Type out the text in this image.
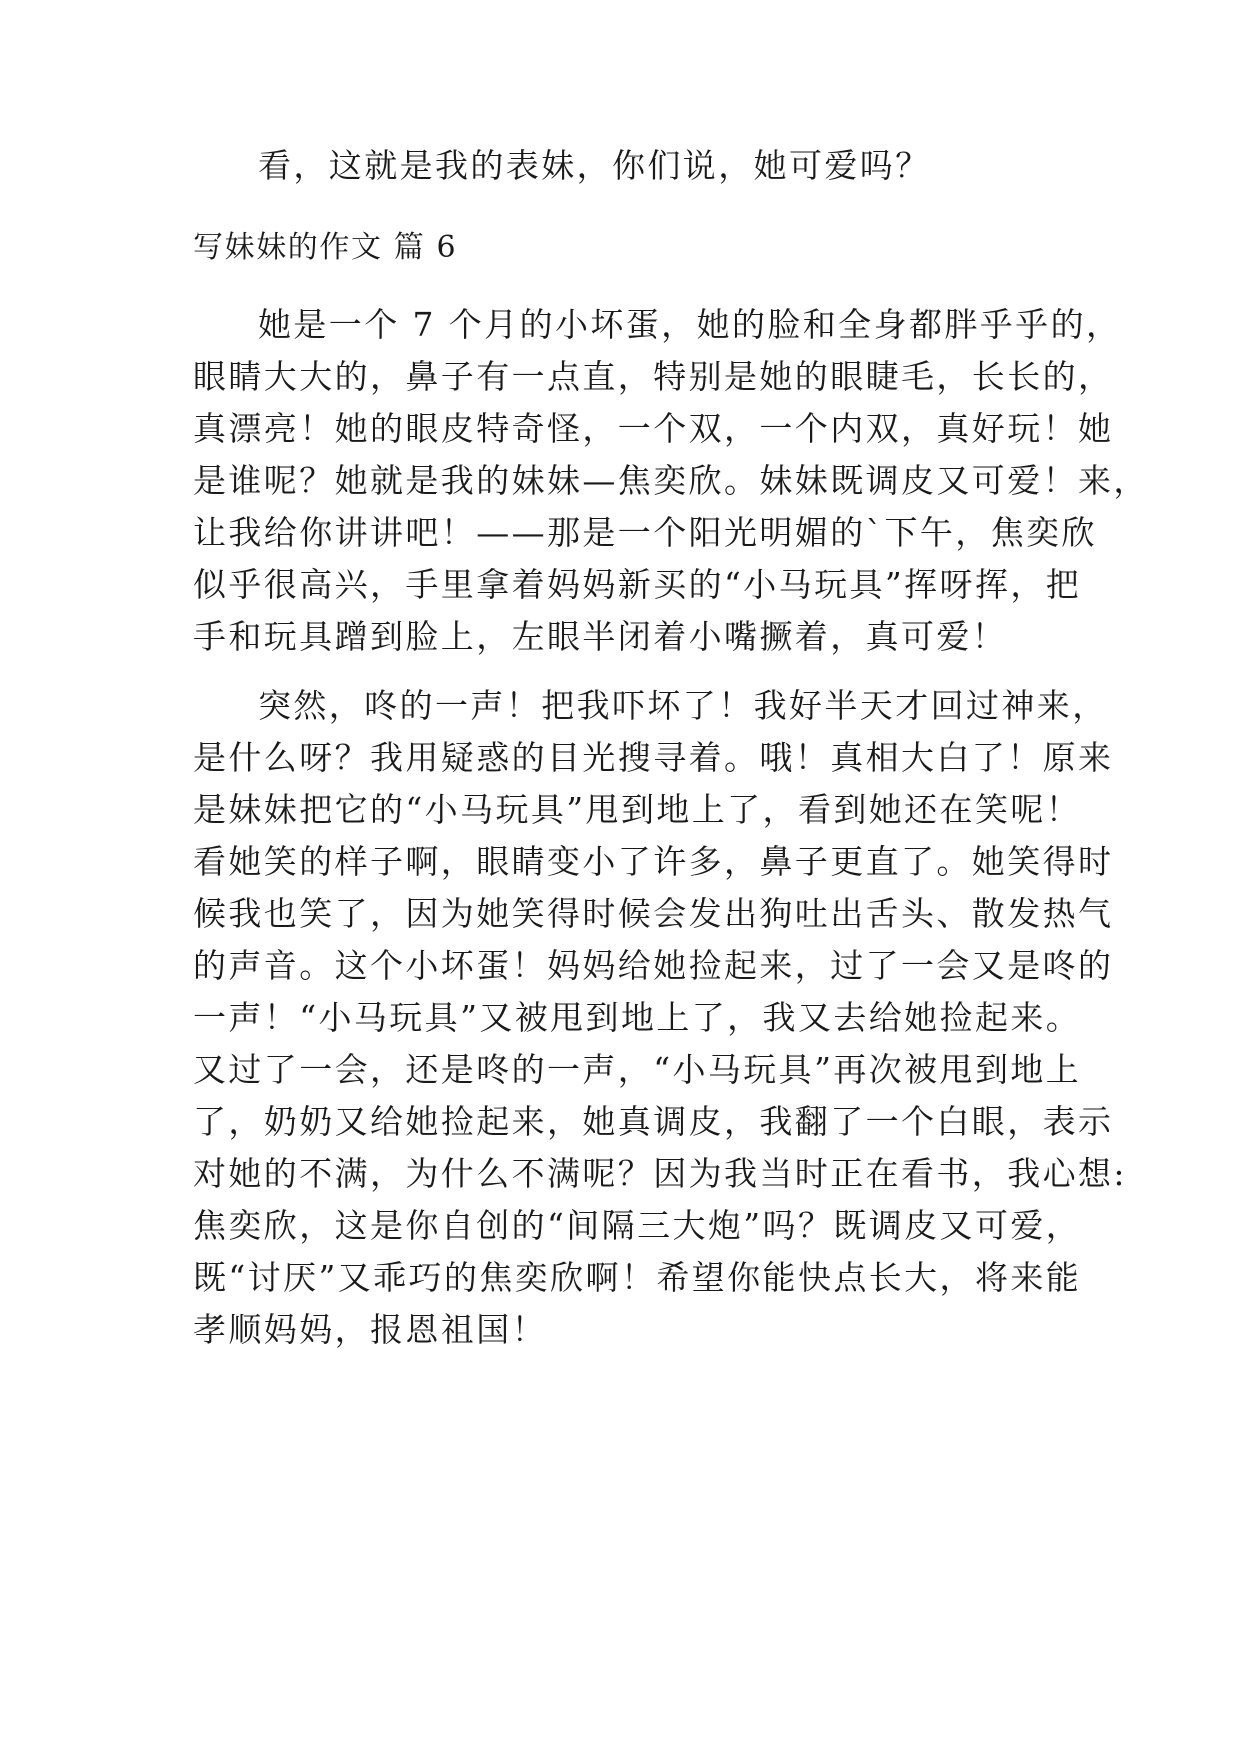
看，这就是我的表妹，你们说，她可爱吗？
写妹妹的作文 篇 6
她是一个 7 个月的小坏蛋，她的脸和全身都胖乎乎的，
眼睛大大的，鼻子有一点直，特别是她的眼睫毛，长长的，
真漂亮！她的眼皮特奇怪，一个双，一个内双，真好玩！她
是谁呢？她就是我的妹妹—焦奕欣。妹妹既调皮又可爱！来，
让我给你讲讲吧！——那是一个阳光明媚的`下午，焦奕欣
似乎很高兴，手里拿着妈妈新买的“小马玩具”挥呀挥，把
手和玩具蹭到脸上，左眼半闭着小嘴撅着，真可爱！
突然，咚的一声！把我吓坏了！我好半天才回过神来，
是什么呀？我用疑惑的目光搜寻着。哦！真相大白了！原来
是妹妹把它的“小马玩具”甩到地上了，看到她还在笑呢！
看她笑的样子啊，眼睛变小了许多，鼻子更直了。她笑得时
候我也笑了，因为她笑得时候会发出狗吐出舌头、散发热气
的声音。这个小坏蛋！妈妈给她捡起来，过了一会又是咚的
一声！“小马玩具”又被甩到地上了，我又去给她捡起来。
又过了一会，还是咚的一声，“小马玩具”再次被甩到地上
了，奶奶又给她捡起来，她真调皮，我翻了一个白眼，表示
对她的不满，为什么不满呢？因为我当时正在看书，我心想:
焦奕欣，这是你自创的“间隔三大炮”吗？既调皮又可爱，
既“讨厌”又乖巧的焦奕欣啊！希望你能快点长大，将来能
孝顺妈妈，报恩祖国！
